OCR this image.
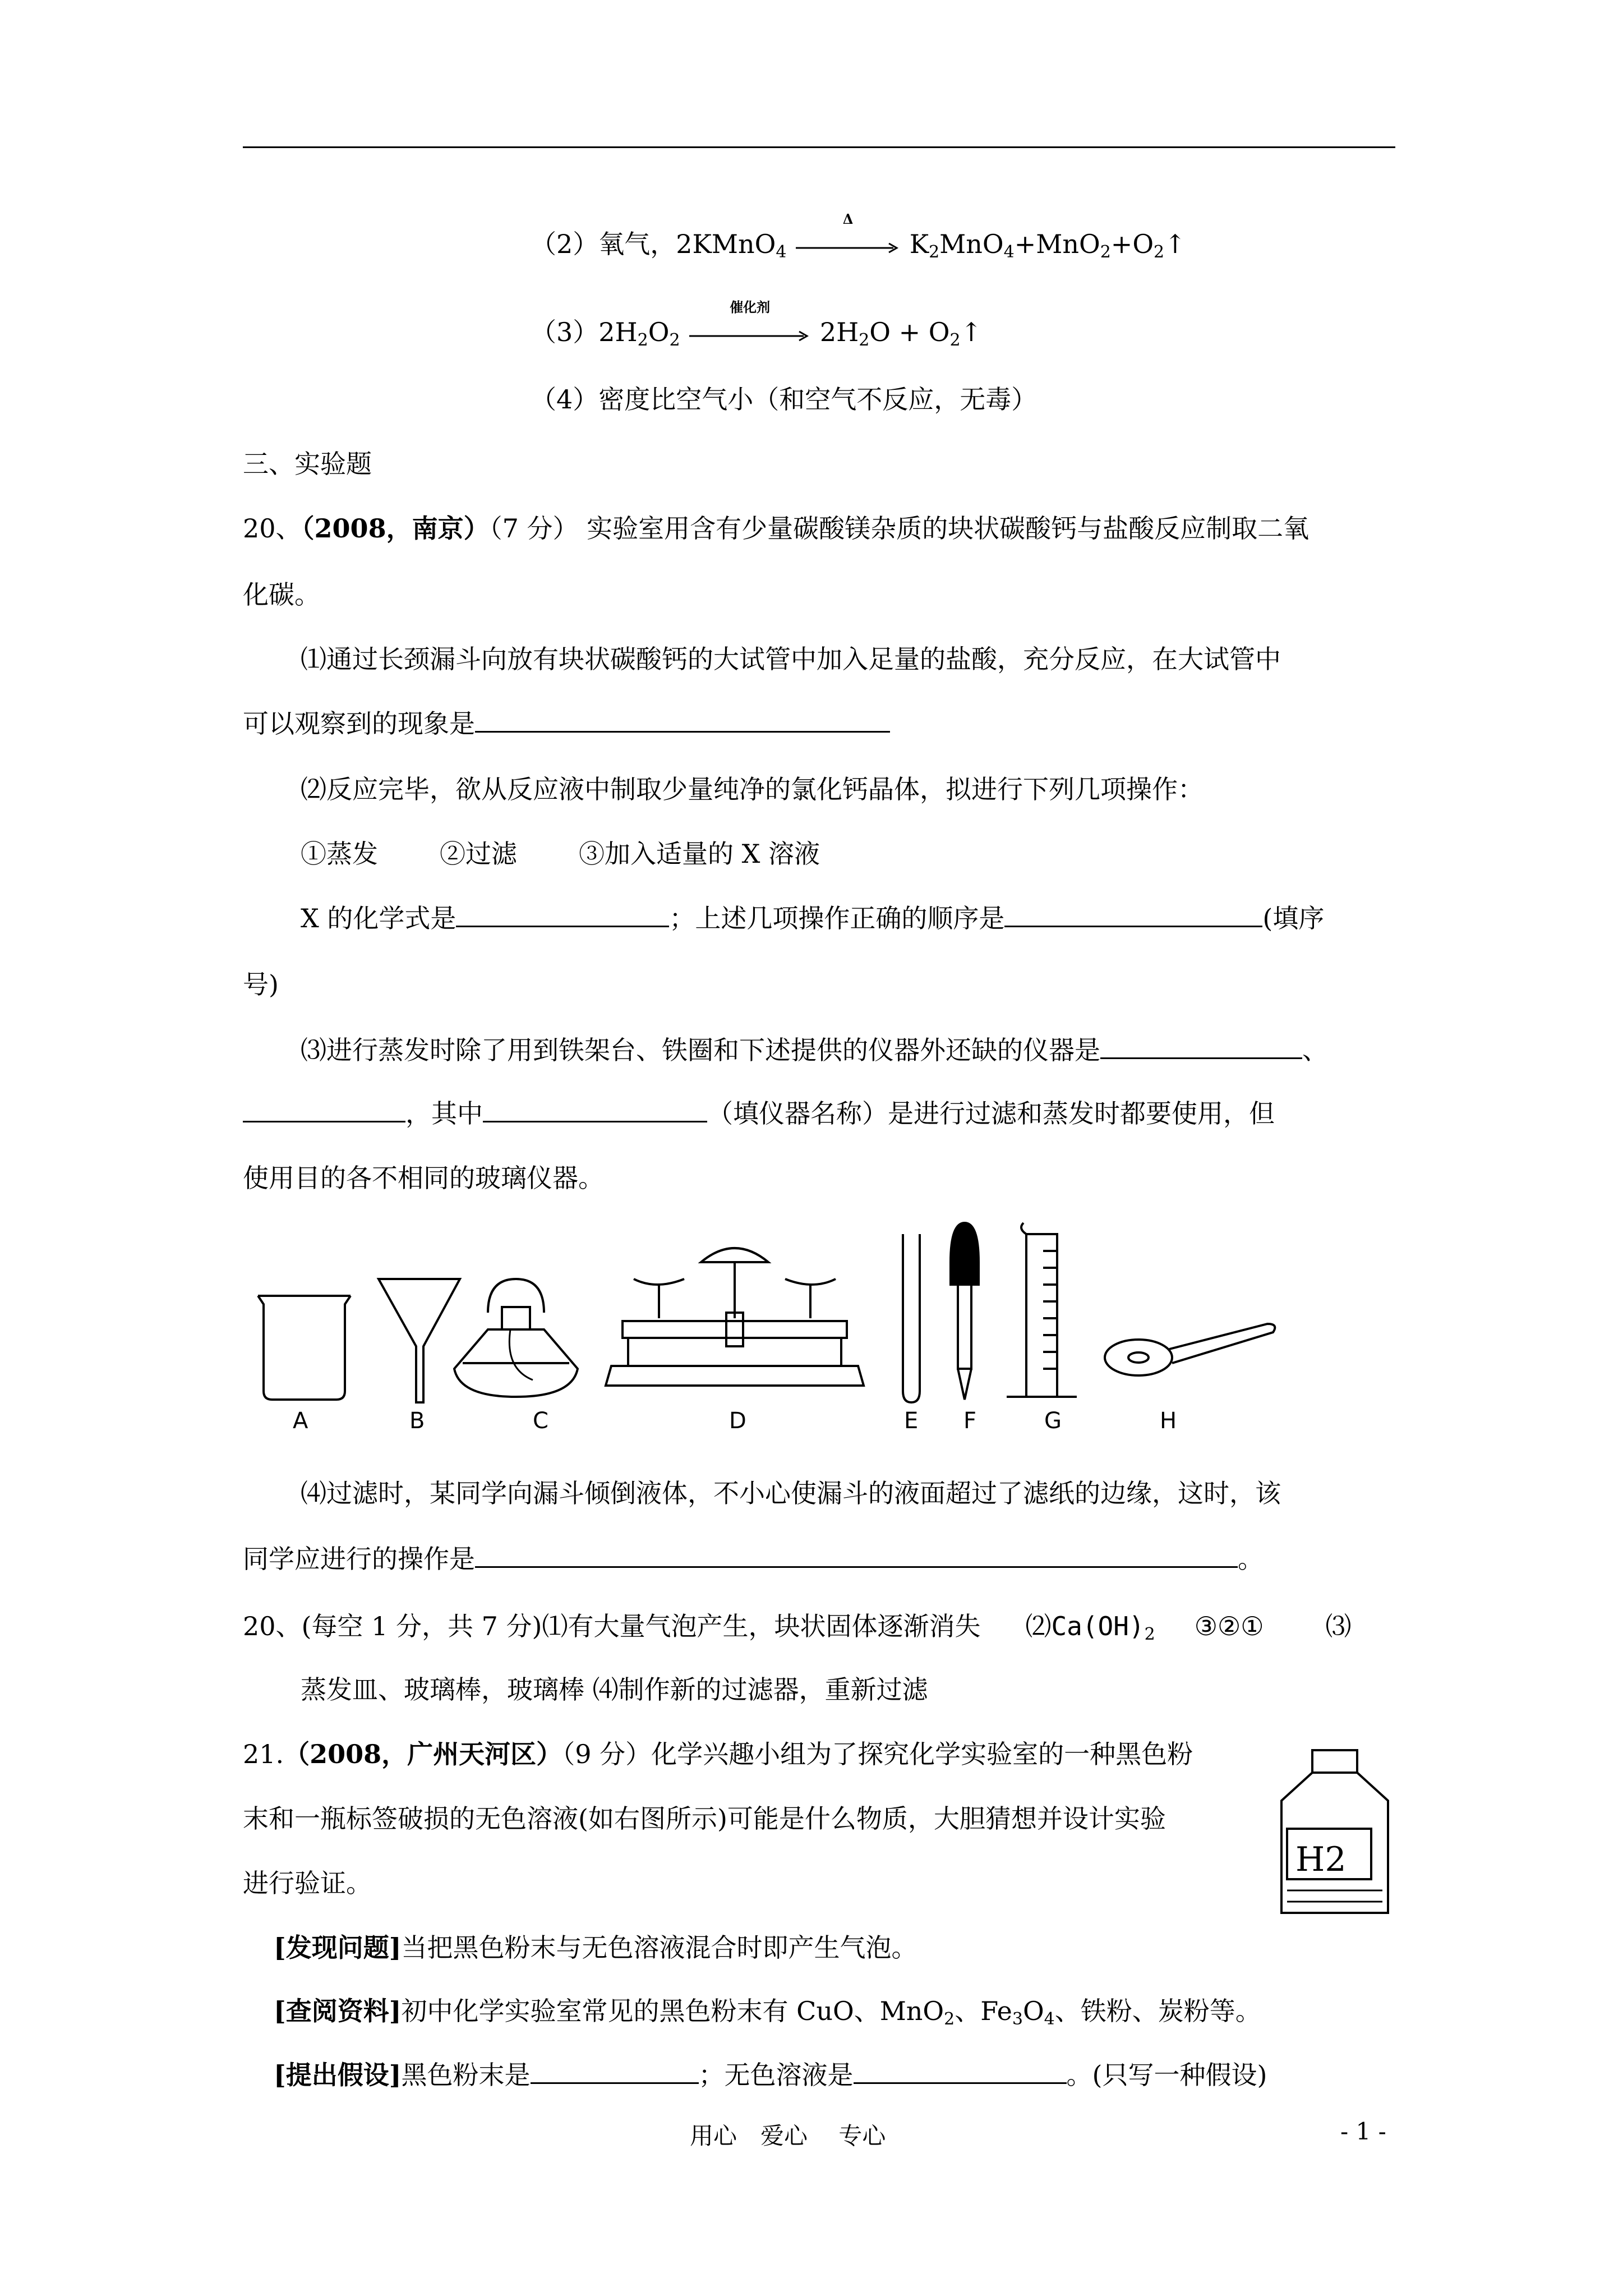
（2）氧气，2KMnO$_4$
Δ
$K_2MnO_4+MnO_2+O_2↑$
$(3)2H_2O_2$
催化剂
$2H_2O$ + $O_2↑$
（4）密度比空气小（和空气不反应，无毒）
三、实验题
20、（2008，南京）（7 分） 实验室用含有少量碳酸镁杂质的块状碳酸钙与盐酸反应制取二氧
化碳。
⑴通过长颈漏斗向放有块状碳酸钙的大试管中加入足量的盐酸，充分反应，在大试管中
可以观察到的现象是
⑵反应完毕，欲从反应液中制取少量纯净的氯化钙晶体，拟进行下列几项操作：
①蒸发 ②过滤 ③加入适量的 X 溶液
X 的化学式是	；上述几项操作正确的顺序是	(填序
号)
⑶进行蒸发时除了用到铁架台、铁圈和下述提供的仪器外还缺的仪器是	、
，其中	（填仪器名称）是进行过滤和蒸发时都要使用，但
使用目的各不相同的玻璃仪器。
A	B	C	D	E F	G	H
⑷过滤时，某同学向漏斗倾倒液体，不小心使漏斗的液面超过了滤纸的边缘，这时，该
同学应进行的操作是	。
20、(每空 1 分，共 7 分)⑴有大量气泡产生，块状固体逐渐消失 $⑵Ca(OH)_2$ ③②① ⑶
蒸发皿、玻璃棒，玻璃棒 ⑷制作新的过滤器，重新过滤
21.（2008，广州天河区）（9 分）化学兴趣小组为了探究化学实验室的一种黑色粉
末和一瓶标签破损的无色溶液(如右图所示)可能是什么物质，大胆猜想并设计实验
进行验证。
H2
[发现问题]当把黑色粉末与无色溶液混合时即产生气泡。
[查阅资料]初中化学实验室常见的黑色粉末有 CuO、MnO$_2$、$Fe_3O_4$、铁粉、炭粉等。
[提出假设]黑色粉末是	；无色溶液是	。(只写一种假设)
用心　爱心　 专心	- 1 -
